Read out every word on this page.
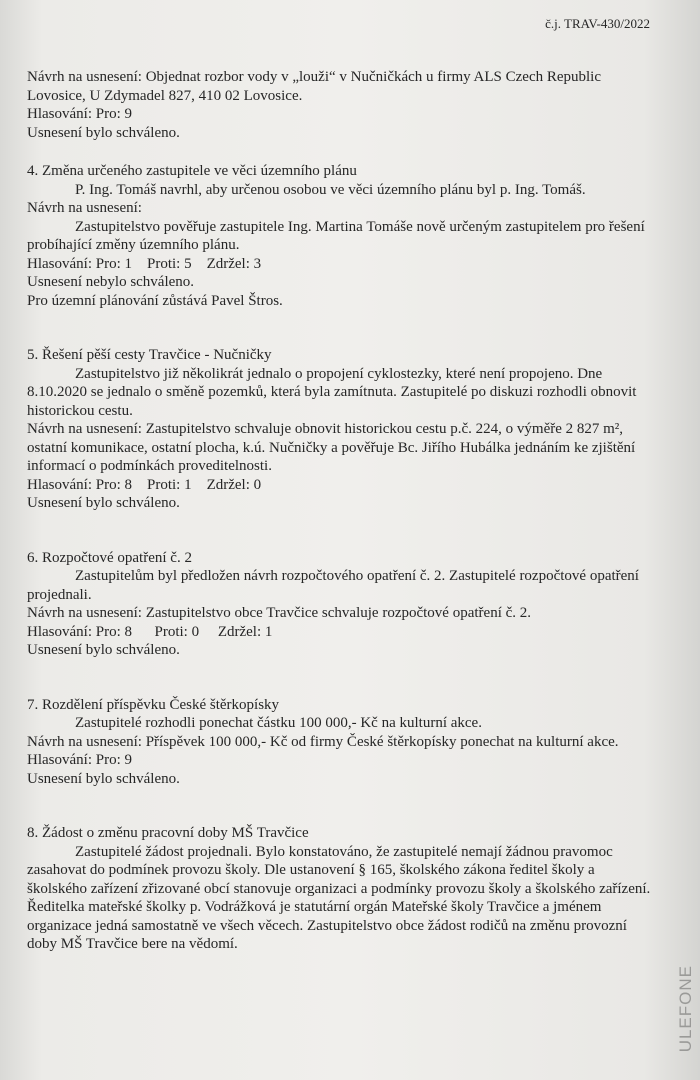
č.j. TRAV-430/2022

Návrh na usnesení: Objednat rozbor vody v „louži“ v Nučničkách u firmy ALS Czech Republic Lovosice, U Zdymadel 827, 410 02 Lovosice.

Hlasování: Pro: 9

Usnesení bylo schváleno.

4. Změna určeného zastupitele ve věci územního plánu

P. Ing. Tomáš navrhl, aby určenou osobou ve věci územního plánu byl p. Ing. Tomáš.

Návrh na usnesení:

Zastupitelstvo pověřuje zastupitele Ing. Martina Tomáše nově určeným zastupitelem pro řešení probíhající změny územního plánu.

Hlasování: Pro: 1    Proti: 5    Zdržel: 3

Usnesení nebylo schváleno.

Pro územní plánování zůstává Pavel Štros.

5. Řešení pěší cesty Travčice - Nučničky

Zastupitelstvo již několikrát jednalo o propojení cyklostezky, které není propojeno. Dne 8.10.2020 se jednalo o směně pozemků, která byla zamítnuta. Zastupitelé po diskuzi rozhodli obnovit historickou cestu.

Návrh na usnesení: Zastupitelstvo schvaluje obnovit historickou cestu p.č. 224, o výměře 2 827 m², ostatní komunikace, ostatní plocha, k.ú. Nučničky a pověřuje Bc. Jiřího Hubálka jednáním ke zjištění informací o podmínkách proveditelnosti.

Hlasování: Pro: 8    Proti: 1    Zdržel: 0

Usnesení bylo schváleno.

6. Rozpočtové opatření č. 2

Zastupitelům byl předložen návrh rozpočtového opatření č. 2. Zastupitelé rozpočtové opatření projednali.

Návrh na usnesení: Zastupitelstvo obce Travčice schvaluje rozpočtové opatření č. 2.

Hlasování: Pro: 8      Proti: 0     Zdržel: 1

Usnesení bylo schváleno.

7. Rozdělení příspěvku České štěrkopísky

Zastupitelé rozhodli ponechat částku 100 000,- Kč na kulturní akce.

Návrh na usnesení: Příspěvek 100 000,- Kč od firmy České štěrkopísky ponechat na kulturní akce.

Hlasování: Pro: 9

Usnesení bylo schváleno.

8. Žádost o změnu pracovní doby MŠ Travčice

Zastupitelé žádost projednali. Bylo konstatováno, že zastupitelé nemají žádnou pravomoc zasahovat do podmínek provozu školy. Dle ustanovení § 165, školského zákona ředitel školy a školského zařízení zřizované obcí stanovuje organizaci a podmínky provozu školy a školského zařízení. Ředitelka mateřské školky p. Vodrážková je statutární orgán Mateřské školy Travčice a jménem organizace jedná samostatně ve všech věcech. Zastupitelstvo obce žádost rodičů na změnu provozní doby MŠ Travčice bere na vědomí.

ULEFONE
